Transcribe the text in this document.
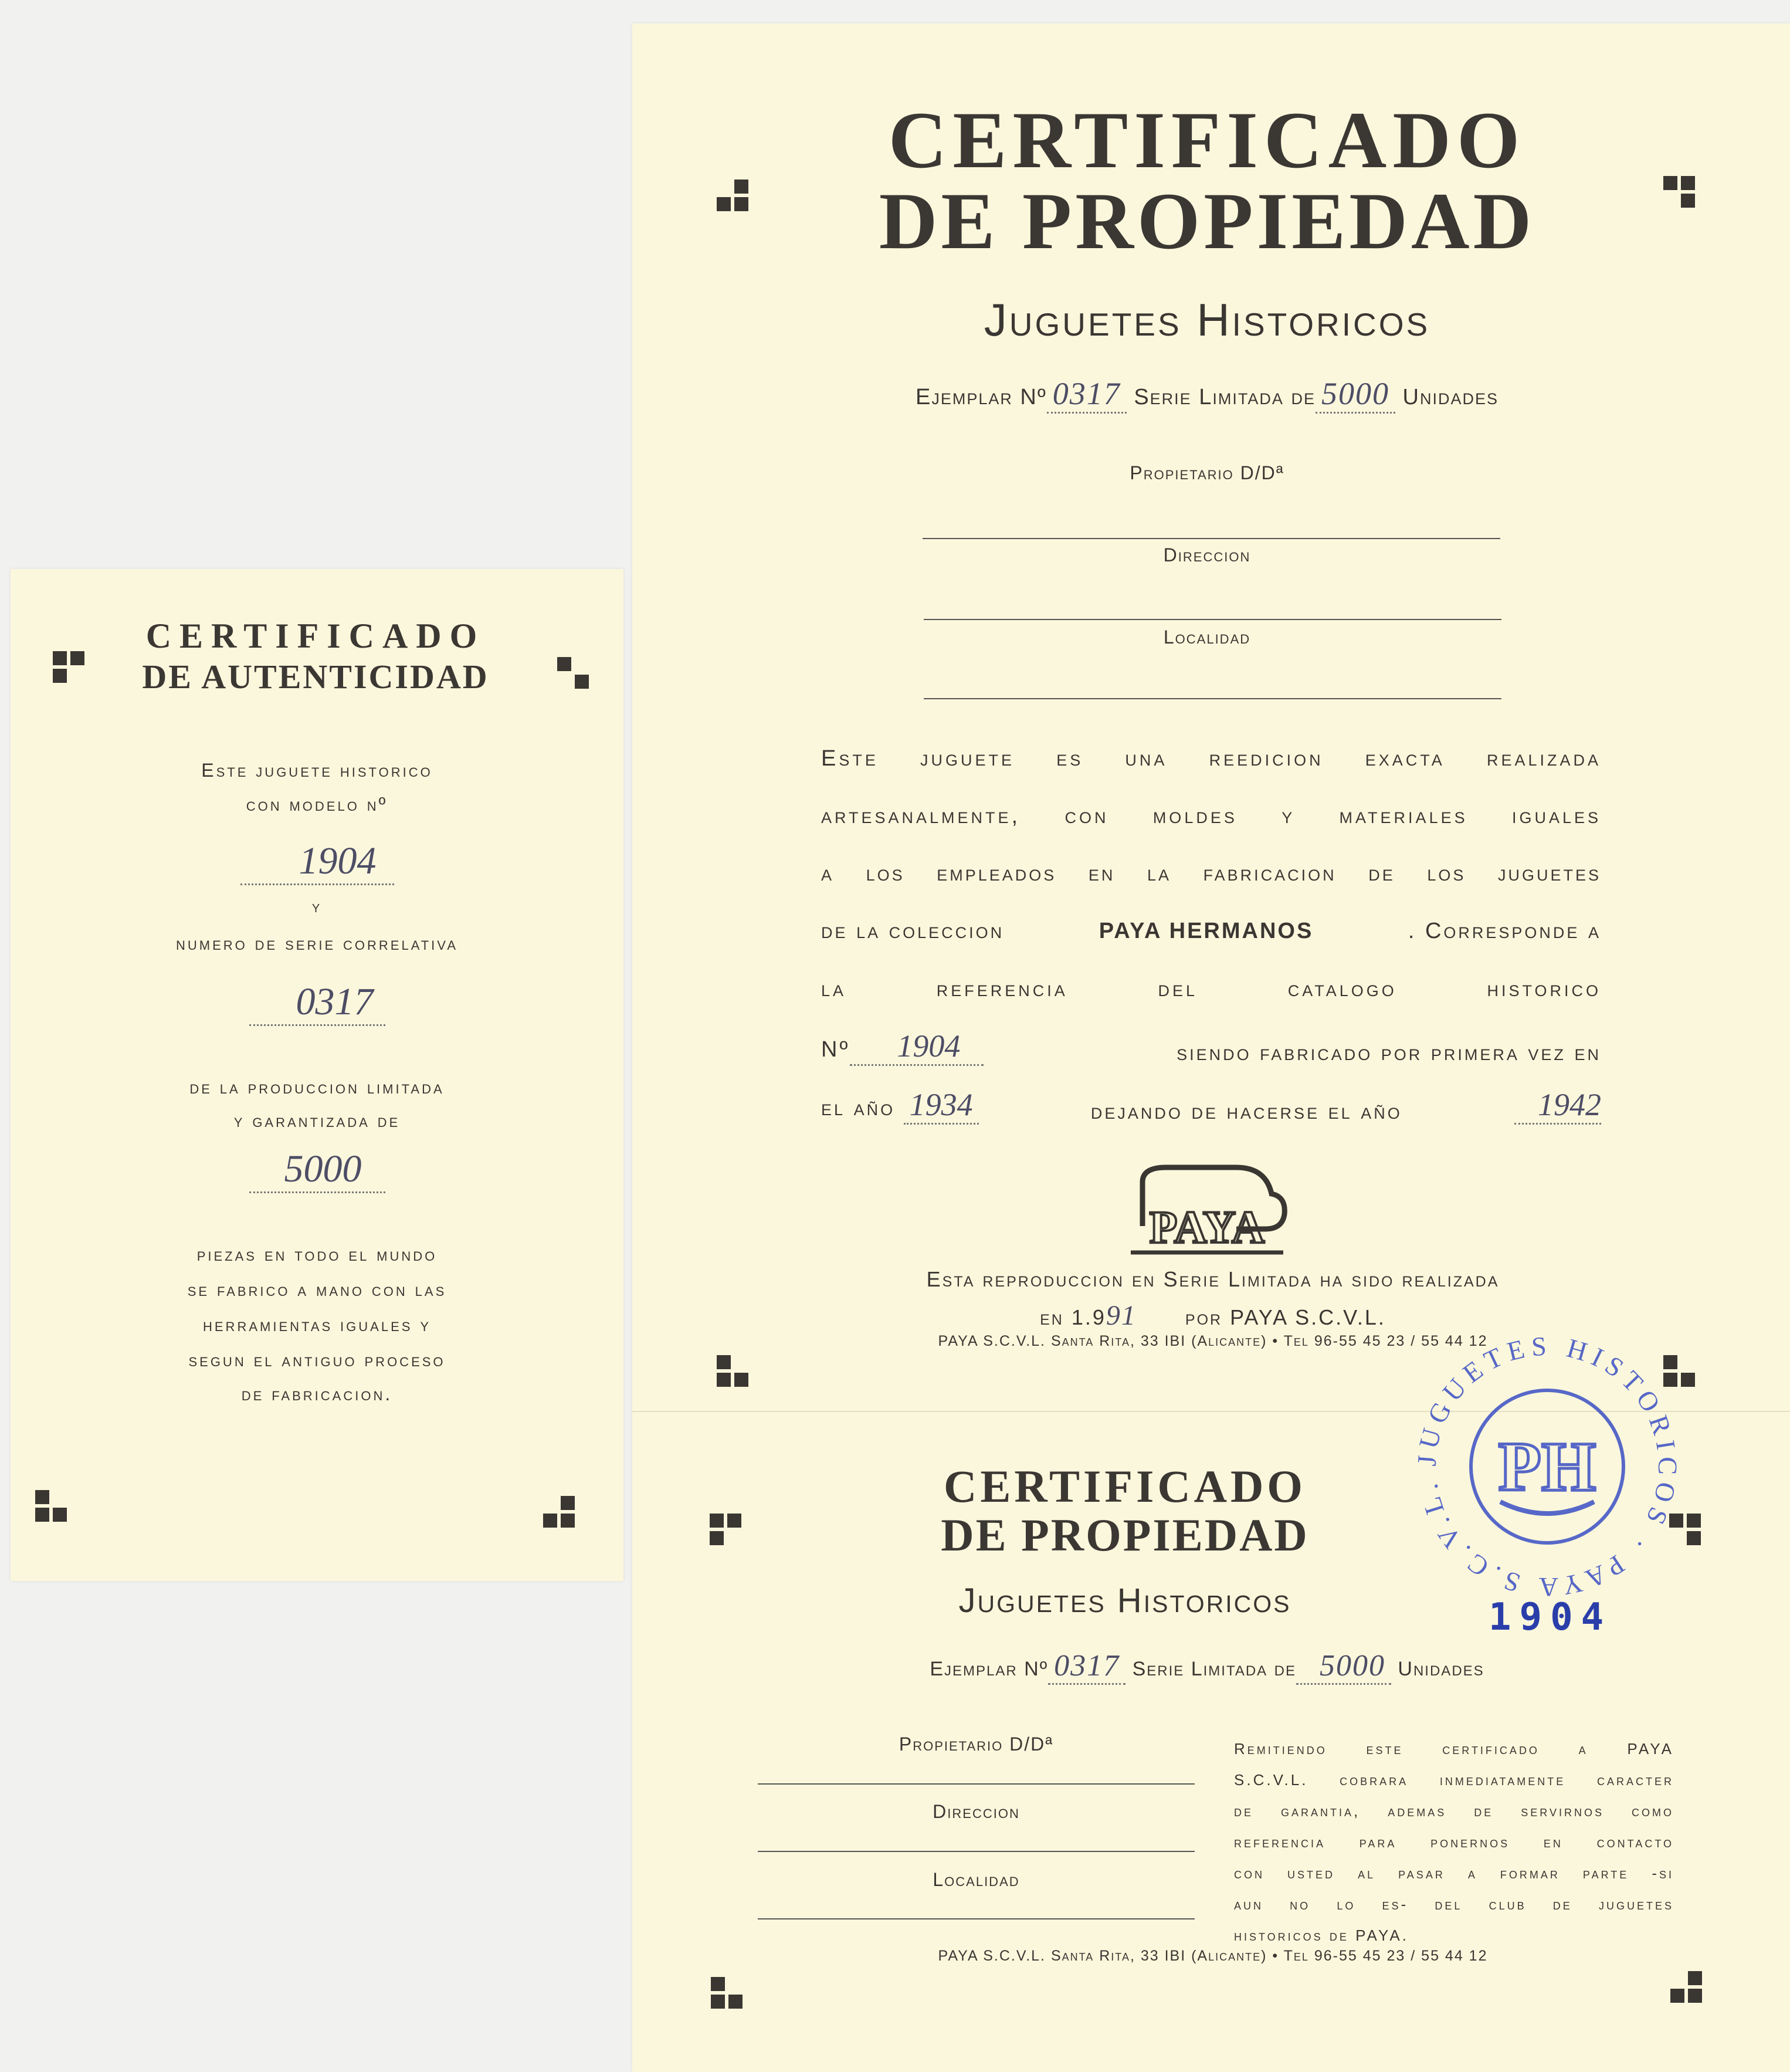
CERTIFICADO
DE AUTENTICIDAD
Este juguete historico
con modelo nº
1904
y
numero de serie correlativa
0317
de la produccion limitada
y garantizada de
5000
piezas en todo el mundo
se fabrico a mano con las
herramientas iguales y
segun el antiguo proceso
de fabricacion.
CERTIFICADO
DE PROPIEDAD
Juguetes Historicos
Ejemplar Nº 0317 Serie Limitada de 5000 Unidades
Propietario D/Dª
Direccion
Localidad
Este juguete es una reedicion exacta realizada
artesanalmente, con moldes y materiales iguales
a los empleados en la fabricacion de los juguetes
de la coleccion	PAYA HERMANOS	. Corresponde a
la referencia del catalogo historico
Nº 1904	siendo fabricado por primera vez en
el año 1934	dejando de hacerse el año	1942
PAYA
Esta reproduccion en Serie Limitada ha sido realizada
en 1.991 por PAYA S.C.V.L.
PAYA S.C.V.L. Santa Rita, 33 IBI (Alicante) • Tel 96-55 45 23 / 55 44 12
JUGUETES HISTORICOS · PAYA S.C.V.L. PH
1904
CERTIFICADO
DE PROPIEDAD
Juguetes Historicos
Ejemplar Nº 0317 Serie Limitada de 5000 Unidades
Propietario D/Dª
Direccion
Localidad
Remitiendo este certificado a PAYA
S.C.V.L. cobrara inmediatamente caracter
de garantia, ademas de servirnos como
referencia para ponernos en contacto
con usted al pasar a formar parte -si
aun no lo es- del club de juguetes
historicos de PAYA.
PAYA S.C.V.L. Santa Rita, 33 IBI (Alicante) • Tel 96-55 45 23 / 55 44 12
